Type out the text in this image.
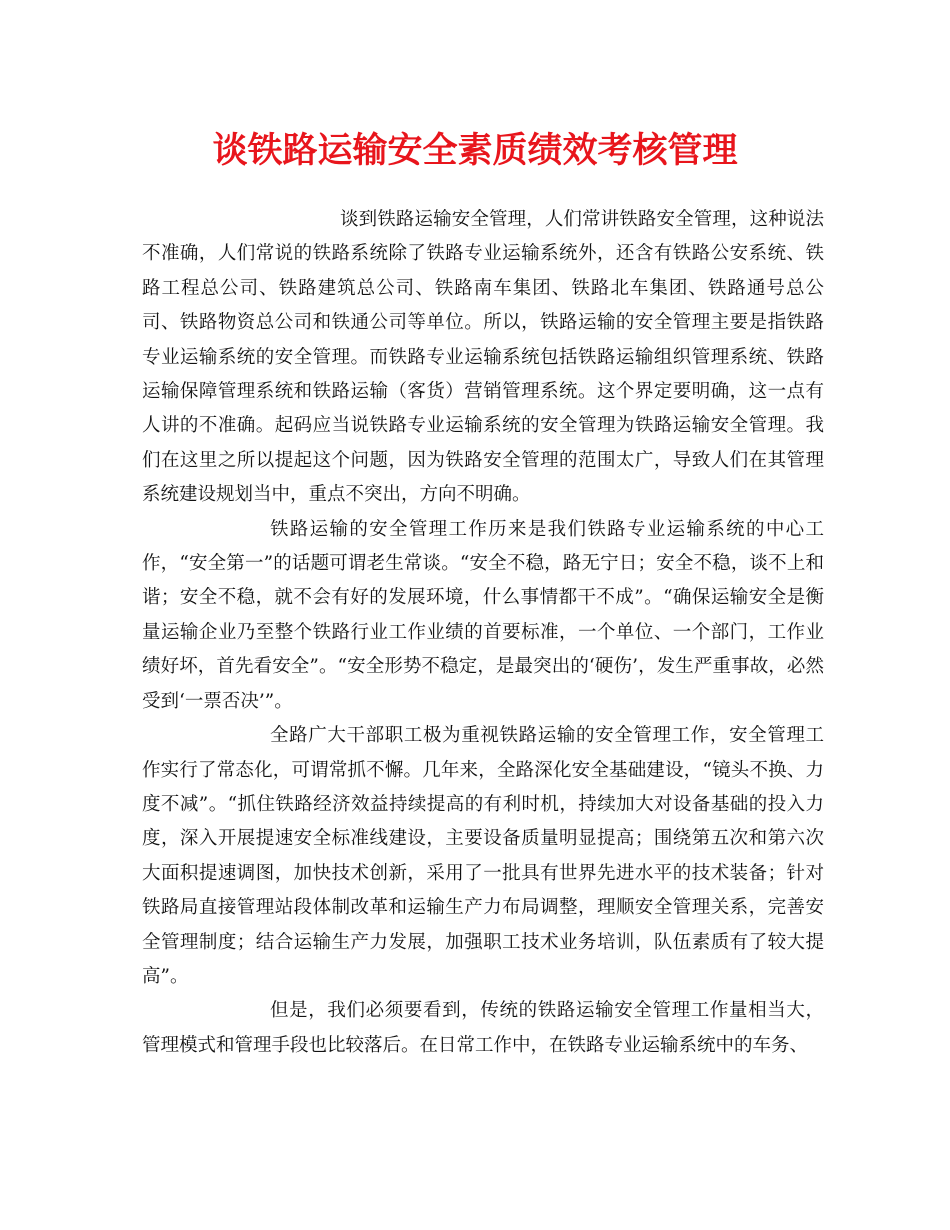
谈铁路运输安全素质绩效考核管理

谈到铁路运输安全管理，人们常讲铁路安全管理，这种说法不准确，人们常说的铁路系统除了铁路专业运输系统外，还含有铁路公安系统、铁路工程总公司、铁路建筑总公司、铁路南车集团、铁路北车集团、铁路通号总公司、铁路物资总公司和铁通公司等单位。所以，铁路运输的安全管理主要是指铁路专业运输系统的安全管理。而铁路专业运输系统包括铁路运输组织管理系统、铁路运输保障管理系统和铁路运输（客货）营销管理系统。这个界定要明确，这一点有人讲的不准确。起码应当说铁路专业运输系统的安全管理为铁路运输安全管理。我们在这里之所以提起这个问题，因为铁路安全管理的范围太广，导致人们在其管理系统建设规划当中，重点不突出，方向不明确。

铁路运输的安全管理工作历来是我们铁路专业运输系统的中心工作，“安全第一”的话题可谓老生常谈。“安全不稳，路无宁日；安全不稳，谈不上和谐；安全不稳，就不会有好的发展环境，什么事情都干不成”。“确保运输安全是衡量运输企业乃至整个铁路行业工作业绩的首要标准，一个单位、一个部门，工作业绩好坏，首先看安全”。“安全形势不稳定，是最突出的‘硬伤’，发生严重事故，必然受到‘一票否决’”。

全路广大干部职工极为重视铁路运输的安全管理工作，安全管理工作实行了常态化，可谓常抓不懈。几年来，全路深化安全基础建设，“镜头不换、力度不减”。“抓住铁路经济效益持续提高的有利时机，持续加大对设备基础的投入力度，深入开展提速安全标准线建设，主要设备质量明显提高；围绕第五次和第六次大面积提速调图，加快技术创新，采用了一批具有世界先进水平的技术装备；针对铁路局直接管理站段体制改革和运输生产力布局调整，理顺安全管理关系，完善安全管理制度；结合运输生产力发展，加强职工技术业务培训，队伍素质有了较大提高”。

但是，我们必须要看到，传统的铁路运输安全管理工作量相当大，管理模式和管理手段也比较落后。在日常工作中，在铁路专业运输系统中的车务、
